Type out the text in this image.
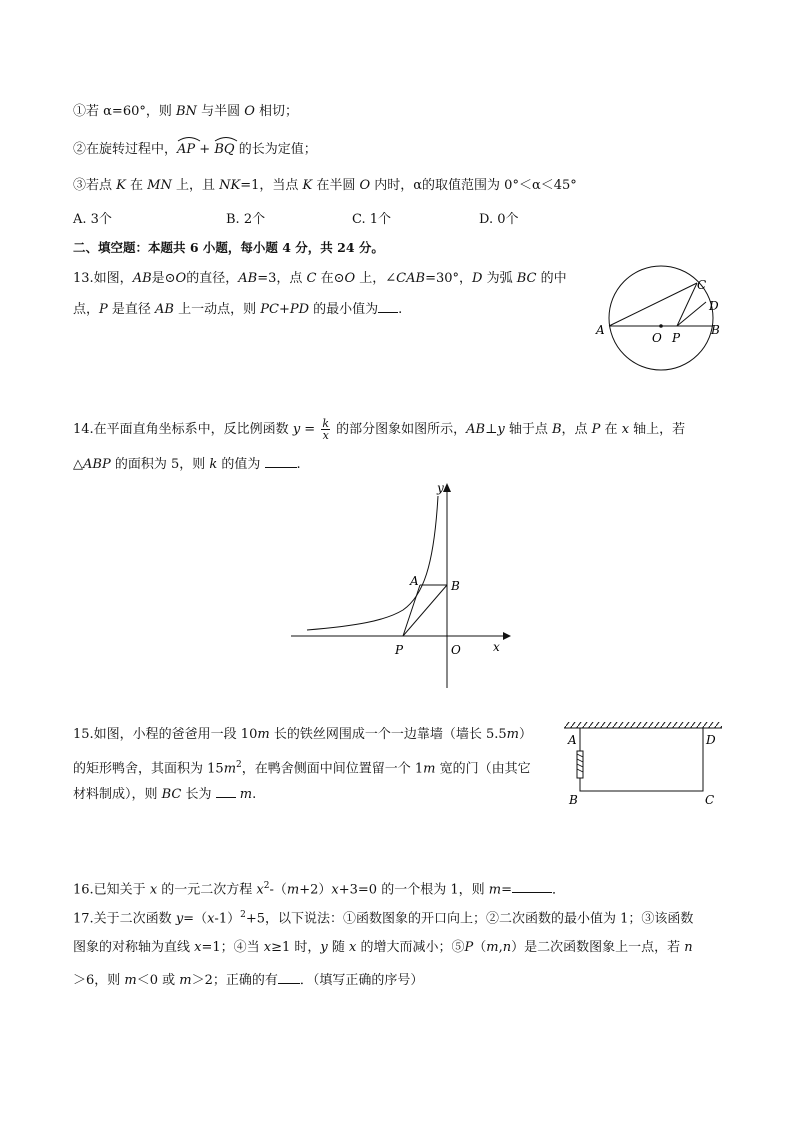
①若 α=60°，则 BN 与半圆 O 相切；
②在旋转过程中，
AP +
BQ 的长为定值；
③若点 K 在 MN 上，且 NK=1，当点 K 在半圆 O 内时，α的取值范围为 0°＜α＜45°
A. 3个	B. 2个	C. 1个	D. 0个
二、填空题：本题共 6 小题，每小题 4 分，共 24 分。
13.如图，AB是⊙O的直径，AB=3，点 C 在⊙O 上，∠CAB=30°，D 为弧 BC 的中
点，P 是直径 AB 上一动点，则 PC+PD 的最小值为 .
A	B
C
D
O P
14.在平面直角坐标系中，反比例函数 $y = \frac{k}{x}$ 的部分图象如图所示，AB⊥y 轴于点 B，点 P 在 x 轴上，若
△ABP 的面积为 5，则 k 的值为 .
y
x
A	B
P	O
15.如图，小程的爸爸用一段 10m 长的铁丝网围成一个一边靠墙（墙长 5.5m）
的矩形鸭舍，其面积为 $15m^2$，在鸭舍侧面中间位置留一个 1m 宽的门（由其它
材料制成），则 BC 长为  m.
A	D
B	C
16.已知关于 x 的一元二次方程 $x^2-(m+2)x+3=0$ 的一个根为 1，则 m=	．
17.关于二次函数 $y=(x-1)^2+5$，以下说法：①函数图象的开口向上；②二次函数的最小值为 1；③该函数
图象的对称轴为直线 x=1；④当 x≥1 时，y 随 x 的增大而减小；⑤P（m,n）是二次函数图象上一点，若 n
＞6，则 m＜0 或 m＞2；正确的有 ．（填写正确的序号）
